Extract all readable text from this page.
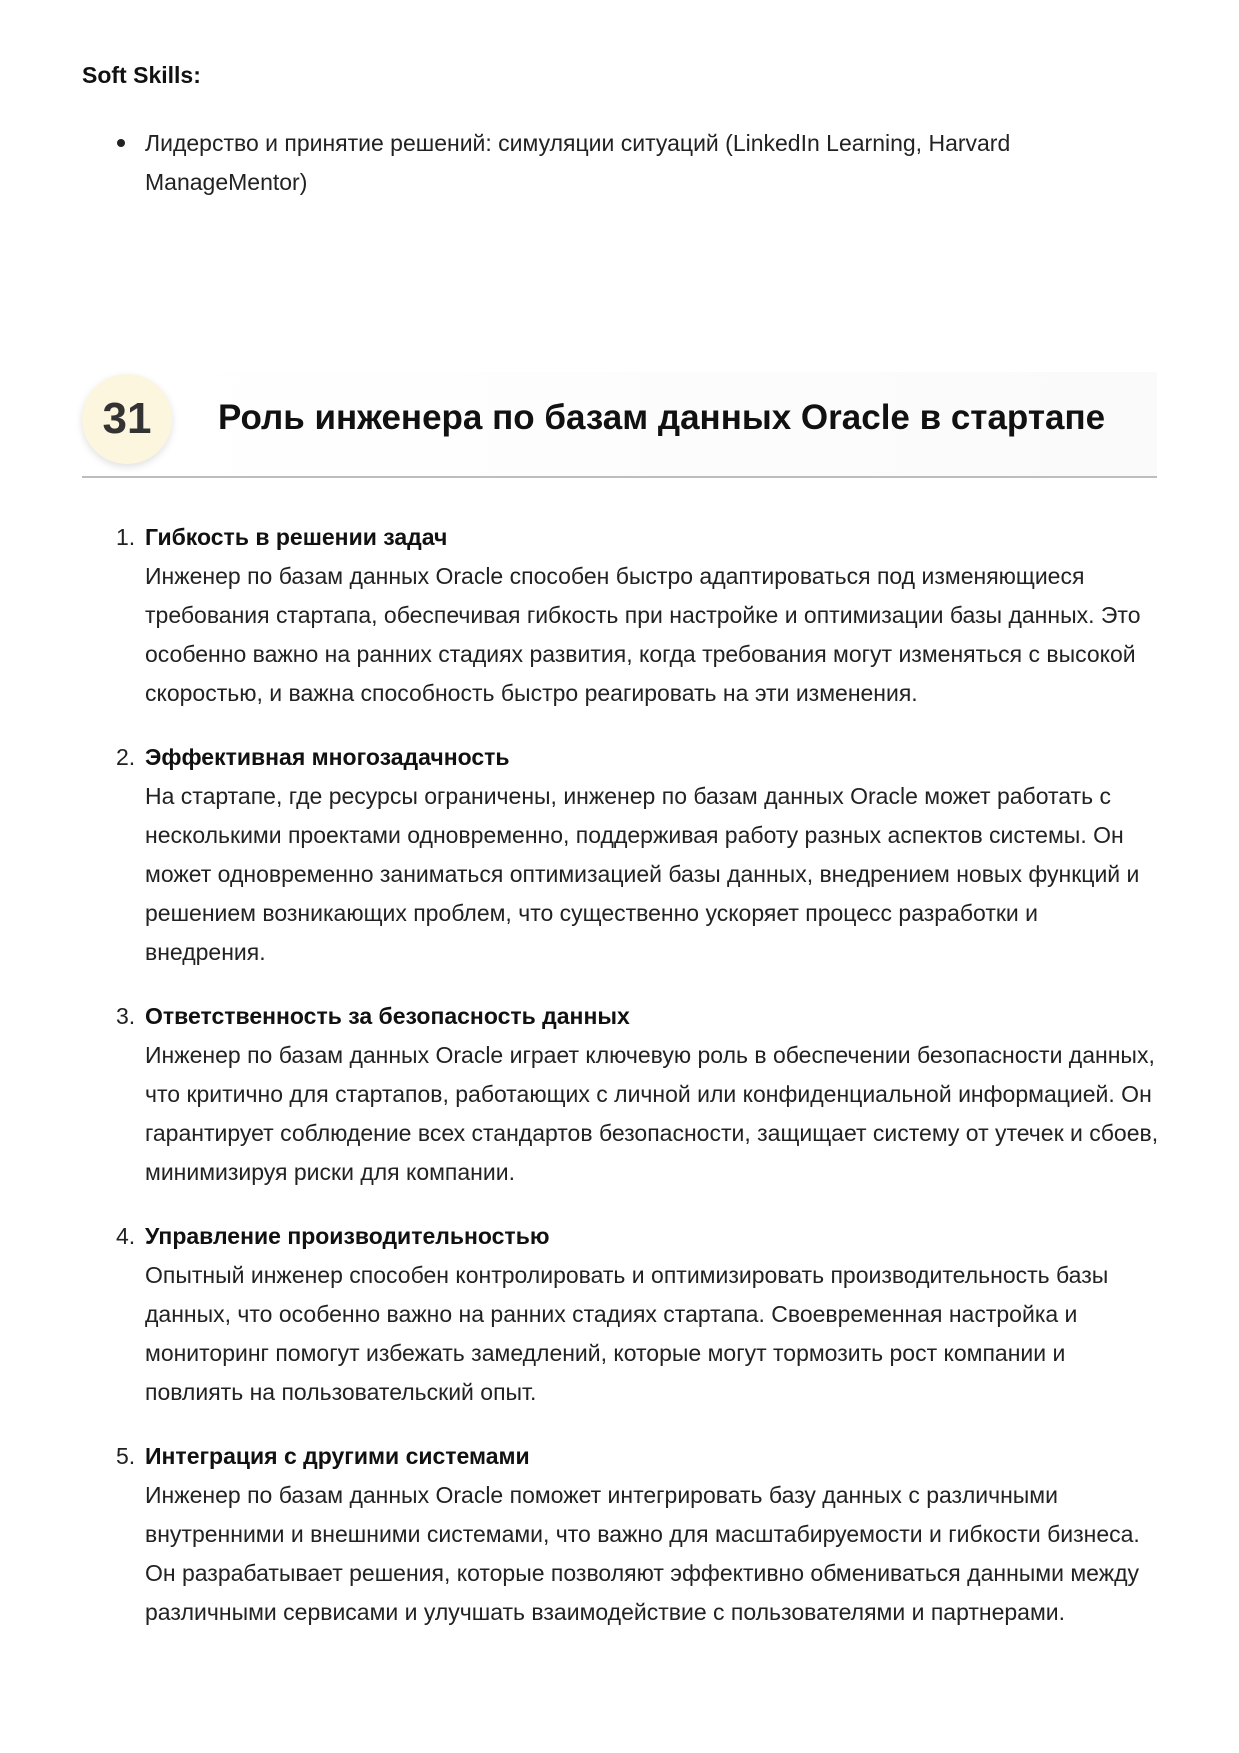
Soft Skills:
Лидерство и принятие решений: симуляции ситуаций (LinkedIn Learning, Harvard ManageMentor)
31	Роль инженера по базам данных Oracle в стартапе
1. Гибкость в решении задач
Инженер по базам данных Oracle способен быстро адаптироваться под изменяющиеся требования стартапа, обеспечивая гибкость при настройке и оптимизации базы данных. Это особенно важно на ранних стадиях развития, когда требования могут изменяться с высокой скоростью, и важна способность быстро реагировать на эти изменения.
2. Эффективная многозадачность
На стартапе, где ресурсы ограничены, инженер по базам данных Oracle может работать с несколькими проектами одновременно, поддерживая работу разных аспектов системы. Он может одновременно заниматься оптимизацией базы данных, внедрением новых функций и решением возникающих проблем, что существенно ускоряет процесс разработки и внедрения.
3. Ответственность за безопасность данных
Инженер по базам данных Oracle играет ключевую роль в обеспечении безопасности данных, что критично для стартапов, работающих с личной или конфиденциальной информацией. Он гарантирует соблюдение всех стандартов безопасности, защищает систему от утечек и сбоев, минимизируя риски для компании.
4. Управление производительностью
Опытный инженер способен контролировать и оптимизировать производительность базы данных, что особенно важно на ранних стадиях стартапа. Своевременная настройка и мониторинг помогут избежать замедлений, которые могут тормозить рост компании и повлиять на пользовательский опыт.
5. Интеграция с другими системами
Инженер по базам данных Oracle поможет интегрировать базу данных с различными внутренними и внешними системами, что важно для масштабируемости и гибкости бизнеса. Он разрабатывает решения, которые позволяют эффективно обмениваться данными между различными сервисами и улучшать взаимодействие с пользователями и партнерами.
